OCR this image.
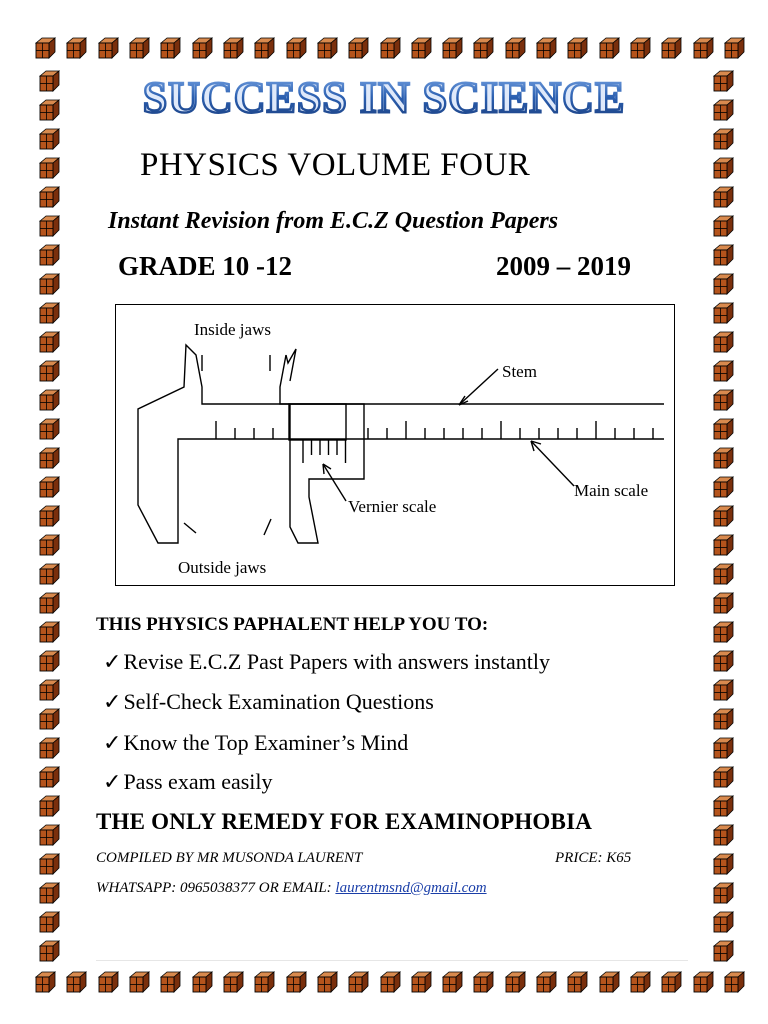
SUCCESS IN SCIENCE
PHYSICS VOLUME FOUR
Instant Revision from E.C.Z Question Papers
GRADE 10 -12	2009 – 2019
Inside jaws
Stem
Main scale
Vernier scale
Outside jaws
THIS PHYSICS PAPHALENT HELP YOU TO:
✓Revise E.C.Z Past Papers with answers instantly
✓Self-Check Examination Questions
✓Know the Top Examiner’s Mind
✓Pass exam easily
THE ONLY REMEDY FOR EXAMINOPHOBIA
COMPILED BY MR MUSONDA LAURENT	PRICE: K65
WHATSAPP: 0965038377 OR EMAIL: laurentmsnd@gmail.com
